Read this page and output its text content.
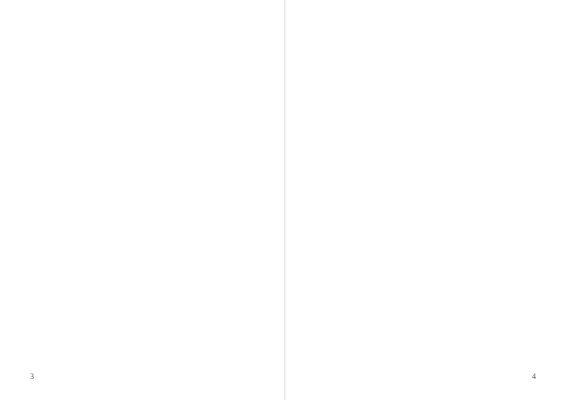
3	4
